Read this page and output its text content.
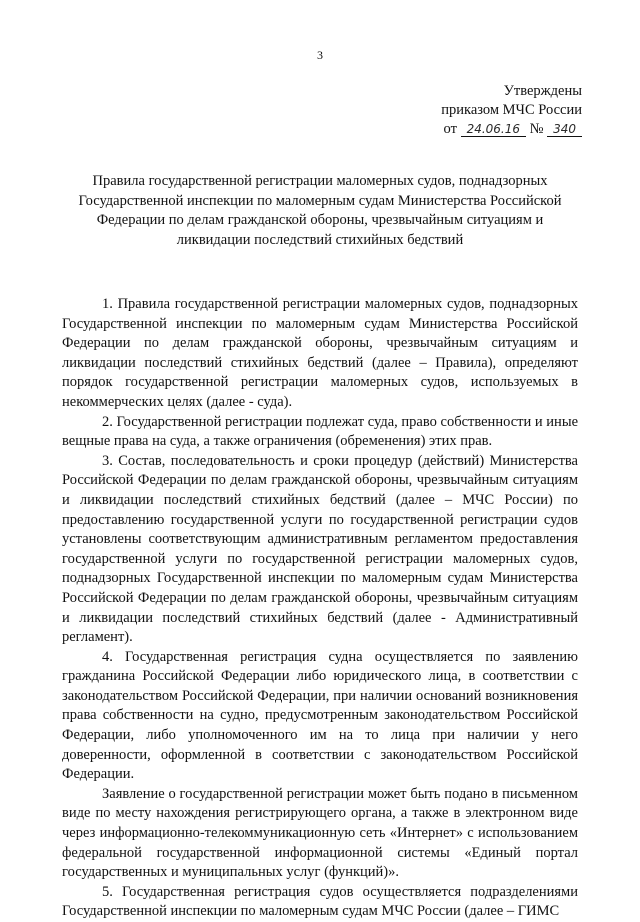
3
Утверждены
приказом МЧС России
от 24.06.16 № 340
Правила государственной регистрации маломерных судов, поднадзорных Государственной инспекции по маломерным судам Министерства Российской Федерации по делам гражданской обороны, чрезвычайным ситуациям и ликвидации последствий стихийных бедствий

1. Правила государственной регистрации маломерных судов, поднадзорных Государственной инспекции по маломерным судам Министерства Российской Федерации по делам гражданской обороны, чрезвычайным ситуациям и ликвидации последствий стихийных бедствий (далее – Правила), определяют порядок государственной регистрации маломерных судов, используемых в некоммерческих целях (далее - суда).

2. Государственной регистрации подлежат суда, право собственности и иные вещные права на суда, а также ограничения (обременения) этих прав.

3. Состав, последовательность и сроки процедур (действий) Министерства Российской Федерации по делам гражданской обороны, чрезвычайным ситуациям и ликвидации последствий стихийных бедствий (далее – МЧС России) по предоставлению государственной услуги по государственной регистрации судов установлены соответствующим административным регламентом предоставления государственной услуги по государственной регистрации маломерных судов, поднадзорных Государственной инспекции по маломерным судам Министерства Российской Федерации по делам гражданской обороны, чрезвычайным ситуациям и ликвидации последствий стихийных бедствий (далее - Административный регламент).

4. Государственная регистрация судна осуществляется по заявлению гражданина Российской Федерации либо юридического лица, в соответствии с законодательством Российской Федерации, при наличии оснований возникновения права собственности на судно, предусмотренным законодательством Российской Федерации, либо уполномоченного им на то лица при наличии у него доверенности, оформленной в соответствии с законодательством Российской Федерации.

Заявление о государственной регистрации может быть подано в письменном виде по месту нахождения регистрирующего органа, а также в электронном виде через информационно-телекоммуникационную сеть «Интернет» с использованием федеральной государственной информационной системы «Единый портал государственных и муниципальных услуг (функций)».

5. Государственная регистрация судов осуществляется подразделениями Государственной инспекции по маломерным судам МЧС России (далее – ГИМС
